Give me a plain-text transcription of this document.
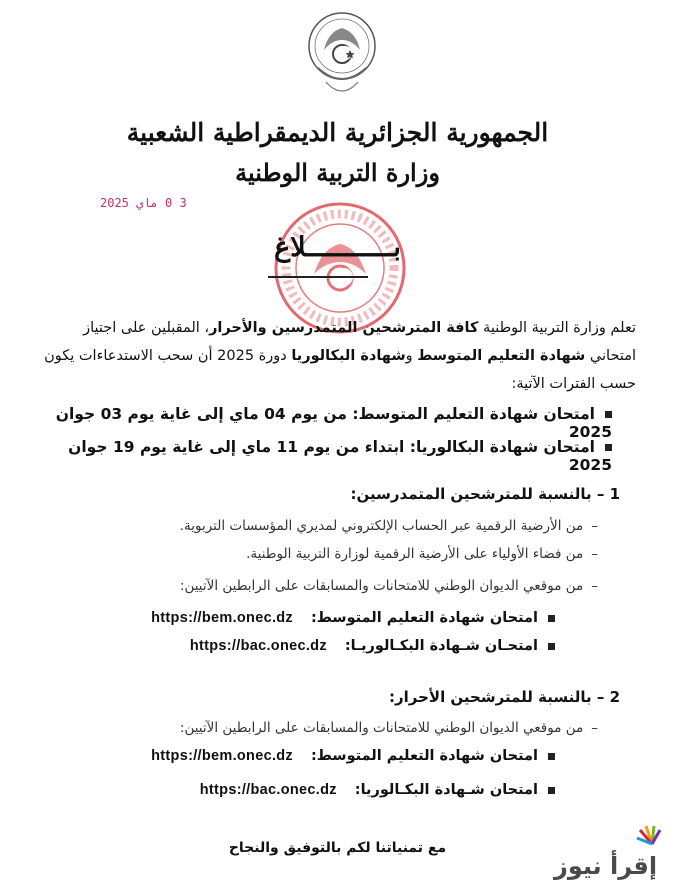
الجمهورية الجزائرية الديمقراطية الشعبية
وزارة التربية الوطنية
3 0 ماي 2025
بـــــــــــلاغ
تعلم وزارة التربية الوطنية كافة المترشحين المتمدرسين والأحرار، المقبلين على اجتياز امتحاني شهادة التعليم المتوسط وشهادة البكالوريا دورة 2025 أن سحب الاستدعاءات يكون حسب الفترات الآتية:
امتحان شهادة التعليم المتوسط: من يوم 04 ماي إلى غاية يوم 03 جوان 2025
امتحان شهادة البكالوريا: ابتداء من يوم 11 ماي إلى غاية يوم 19 جوان 2025
1 – بالنسبة للمترشحين المتمدرسين:
–من الأرضية الرقمية عبر الحساب الإلكتروني لمديري المؤسسات التربوية.
–من فضاء الأولياء على الأرضية الرقمية لوزارة التربية الوطنية.
–من موقعي الديوان الوطني للامتحانات والمسابقات على الرابطين الآتيين:
امتحان شهادة التعليم المتوسط:https://bem.onec.dz
امتحـان شـهادة البكـالوريـا:https://bac.onec.dz
2 – بالنسبة للمترشحين الأحرار:
–من موقعي الديوان الوطني للامتحانات والمسابقات على الرابطين الآتيين:
امتحان شهادة التعليم المتوسط:https://bem.onec.dz
امتحان شـهادة البكـالوريا:https://bac.onec.dz
مع تمنياتنا لكم بالتوفيق والنجاح
إقرأ نيوز
